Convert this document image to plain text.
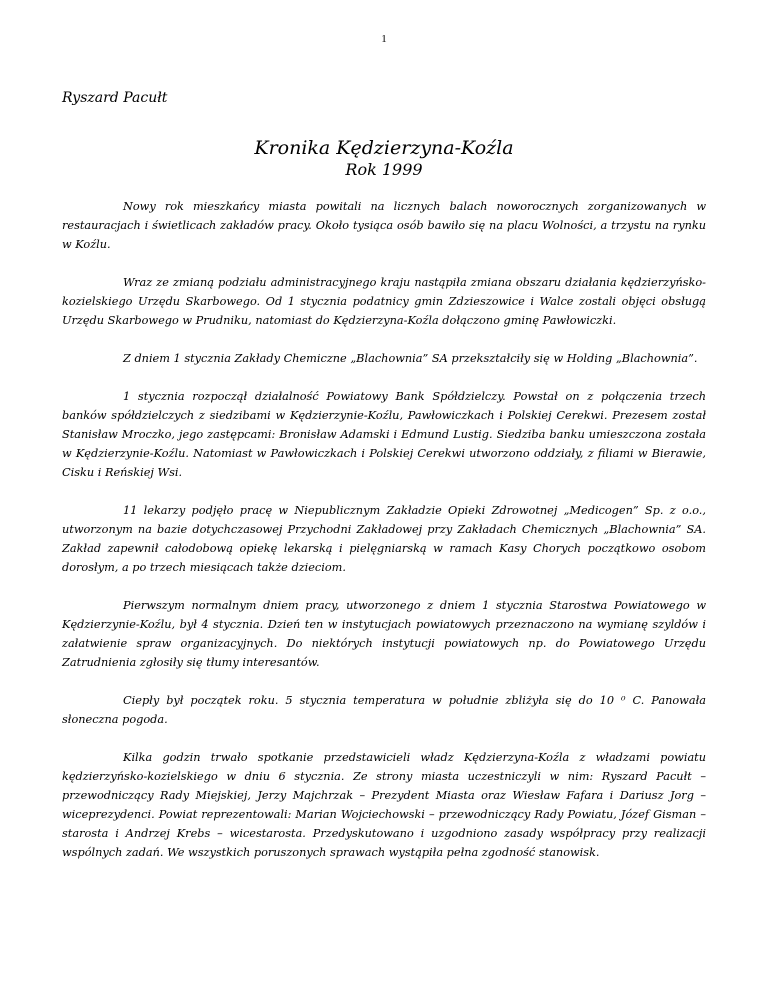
1

Ryszard Pacułt

Kronika Kędzierzyna-Koźla
Rok 1999

Nowy rok mieszkańcy miasta powitali na licznych balach noworocznych zorganizowanych w restauracjach i świetlicach zakładów pracy. Około tysiąca osób bawiło się na placu Wolności, a trzystu na rynku w Koźlu.

Wraz ze zmianą podziału administracyjnego kraju nastąpiła zmiana obszaru działania kędzierzyńsko-kozielskiego Urzędu Skarbowego. Od 1 stycznia podatnicy gmin Zdzieszowice i Walce zostali objęci obsługą Urzędu Skarbowego w Prudniku, natomiast do Kędzierzyna-Koźla dołączono gminę Pawłowiczki.

Z dniem 1 stycznia Zakłady Chemiczne „Blachownia” SA przekształciły się w Holding „Blachownia”.

1 stycznia rozpoczął działalność Powiatowy Bank Spółdzielczy. Powstał on z połączenia trzech banków spółdzielczych z siedzibami w Kędzierzynie-Koźlu, Pawłowiczkach i Polskiej Cerekwi. Prezesem został Stanisław Mroczko, jego zastępcami: Bronisław Adamski i Edmund Lustig. Siedziba banku umieszczona została w Kędzierzynie-Koźlu. Natomiast w Pawłowiczkach i Polskiej Cerekwi utworzono oddziały, z filiami w Bierawie, Cisku i Reńskiej Wsi.

11 lekarzy podjęło pracę w Niepublicznym Zakładzie Opieki Zdrowotnej „Medicogen” Sp. z o.o., utworzonym na bazie dotychczasowej Przychodni Zakładowej przy Zakładach Chemicznych „Blachownia” SA. Zakład zapewnił całodobową opiekę lekarską i pielęgniarską w ramach Kasy Chorych początkowo osobom dorosłym, a po trzech miesiącach także dzieciom.

Pierwszym normalnym dniem pracy, utworzonego z dniem 1 stycznia Starostwa Powiatowego w Kędzierzynie-Koźlu, był 4 stycznia. Dzień ten w instytucjach powiatowych przeznaczono na wymianę szyldów i załatwienie spraw organizacyjnych. Do niektórych instytucji powiatowych np. do Powiatowego Urzędu Zatrudnienia zgłosiły się tłumy interesantów.

Ciepły był początek roku. 5 stycznia temperatura w południe zbliżyła się do 10 ⁰ C. Panowała słoneczna pogoda.

Kilka godzin trwało spotkanie przedstawicieli władz Kędzierzyna-Koźla z władzami powiatu kędzierzyńsko-kozielskiego w dniu 6 stycznia. Ze strony miasta uczestniczyli w nim: Ryszard Pacułt – przewodniczący Rady Miejskiej, Jerzy Majchrzak – Prezydent Miasta oraz Wiesław Fafara i Dariusz Jorg – wiceprezydenci. Powiat reprezentowali: Marian Wojciechowski – przewodniczący Rady Powiatu, Józef Gisman – starosta i Andrzej Krebs – wicestarosta. Przedyskutowano i uzgodniono zasady współpracy przy realizacji wspólnych zadań. We wszystkich poruszonych sprawach wystąpiła pełna zgodność stanowisk.
